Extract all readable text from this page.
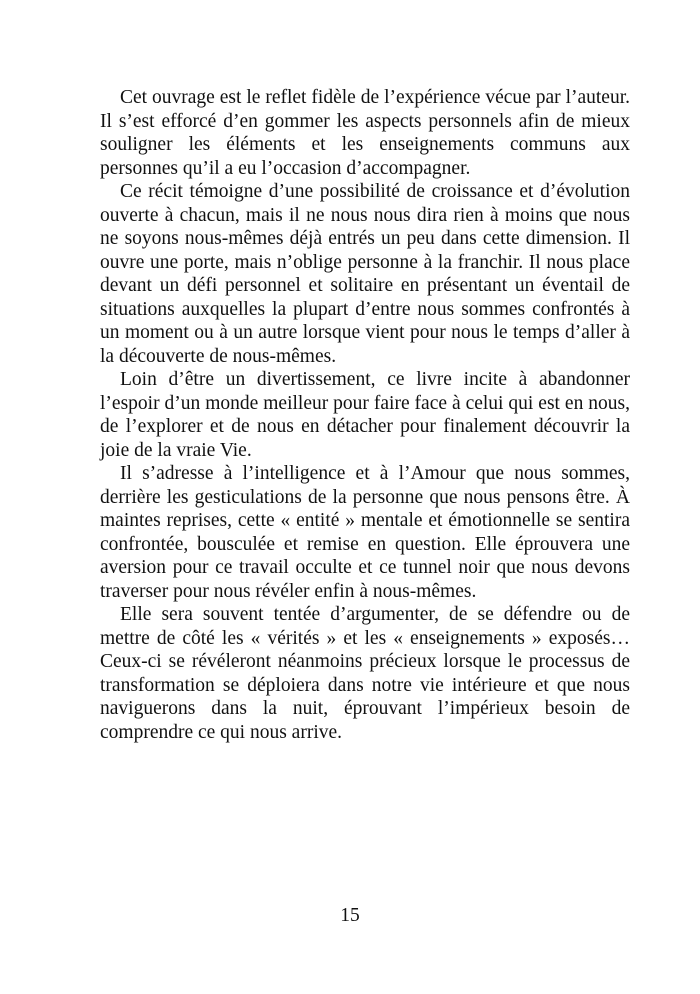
Cet ouvrage est le reflet fidèle de l’expérience vécue par l’auteur. Il s’est efforcé d’en gommer les aspects personnels afin de mieux souligner les éléments et les enseignements communs aux personnes qu’il a eu l’occasion d’accompagner.

Ce récit témoigne d’une possibilité de croissance et d’évolution ouverte à chacun, mais il ne nous nous dira rien à moins que nous ne soyons nous-mêmes déjà entrés un peu dans cette dimension. Il ouvre une porte, mais n’oblige personne à la franchir. Il nous place devant un défi personnel et solitaire en présentant un éventail de situations auxquelles la plupart d’entre nous sommes confrontés à un moment ou à un autre lorsque vient pour nous le temps d’aller à la découverte de nous-mêmes.

Loin d’être un divertissement, ce livre incite à abandonner l’espoir d’un monde meilleur pour faire face à celui qui est en nous, de l’explorer et de nous en détacher pour finalement découvrir la joie de la vraie Vie.

Il s’adresse à l’intelligence et à l’Amour que nous sommes, derrière les gesticulations de la personne que nous pensons être. À maintes reprises, cette « entité » mentale et émotionnelle se sentira confrontée, bousculée et remise en question. Elle éprouvera une aversion pour ce travail occulte et ce tunnel noir que nous devons traverser pour nous révéler enfin à nous-mêmes.

Elle sera souvent tentée d’argumenter, de se défendre ou de mettre de côté les « vérités » et les « enseignements » exposés… Ceux-ci se révéleront néanmoins précieux lorsque le processus de transformation se déploiera dans notre vie intérieure et que nous naviguerons dans la nuit, éprouvant l’impérieux besoin de comprendre ce qui nous arrive.

15
